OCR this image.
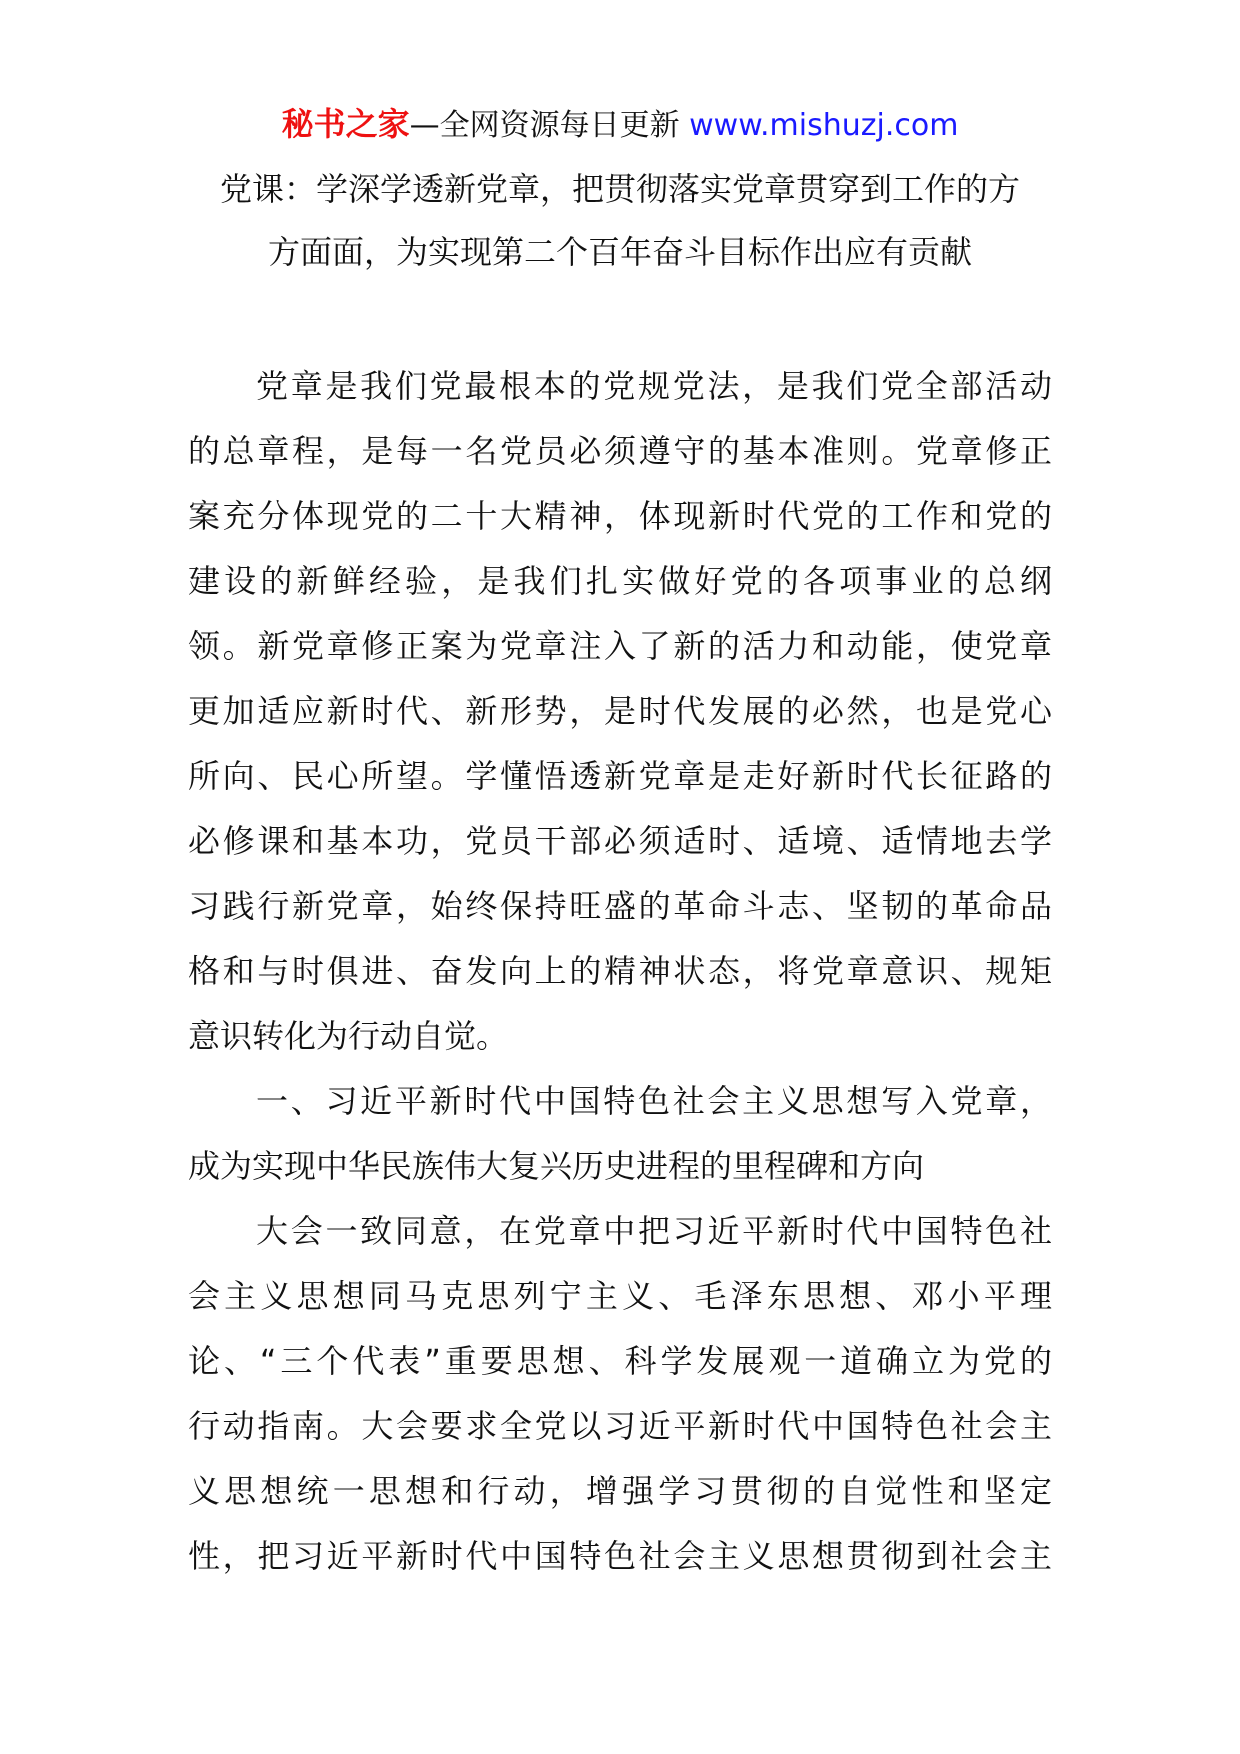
秘书之家—全网资源每日更新 www.mishuzj.com
党课：学深学透新党章，把贯彻落实党章贯穿到工作的方
方面面，为实现第二个百年奋斗目标作出应有贡献
党章是我们党最根本的党规党法，是我们党全部活动
的总章程，是每一名党员必须遵守的基本准则。党章修正
案充分体现党的二十大精神，体现新时代党的工作和党的
建设的新鲜经验，是我们扎实做好党的各项事业的总纲
领。新党章修正案为党章注入了新的活力和动能，使党章
更加适应新时代、新形势，是时代发展的必然，也是党心
所向、民心所望。学懂悟透新党章是走好新时代长征路的
必修课和基本功，党员干部必须适时、适境、适情地去学
习践行新党章，始终保持旺盛的革命斗志、坚韧的革命品
格和与时俱进、奋发向上的精神状态，将党章意识、规矩
意识转化为行动自觉。
一、习近平新时代中国特色社会主义思想写入党章，
成为实现中华民族伟大复兴历史进程的里程碑和方向
大会一致同意，在党章中把习近平新时代中国特色社
会主义思想同马克思列宁主义、毛泽东思想、邓小平理
论、“三个代表”重要思想、科学发展观一道确立为党的
行动指南。大会要求全党以习近平新时代中国特色社会主
义思想统一思想和行动，增强学习贯彻的自觉性和坚定
性，把习近平新时代中国特色社会主义思想贯彻到社会主
